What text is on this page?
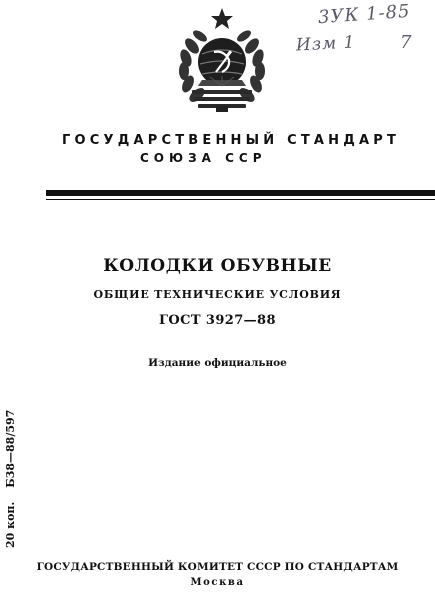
3УК 1-85
Изм 1 7
ГОСУДАРСТВЕННЫЙ СТАНДАРТ
СОЮЗА ССР
КОЛОДКИ ОБУВНЫЕ
ОБЩИЕ ТЕХНИЧЕСКИЕ УСЛОВИЯ
ГОСТ 3927—88
Издание официальное
20 коп.Б38—88/597
ГОСУДАРСТВЕННЫЙ КОМИТЕТ СССР ПО СТАНДАРТАМ
Москва
